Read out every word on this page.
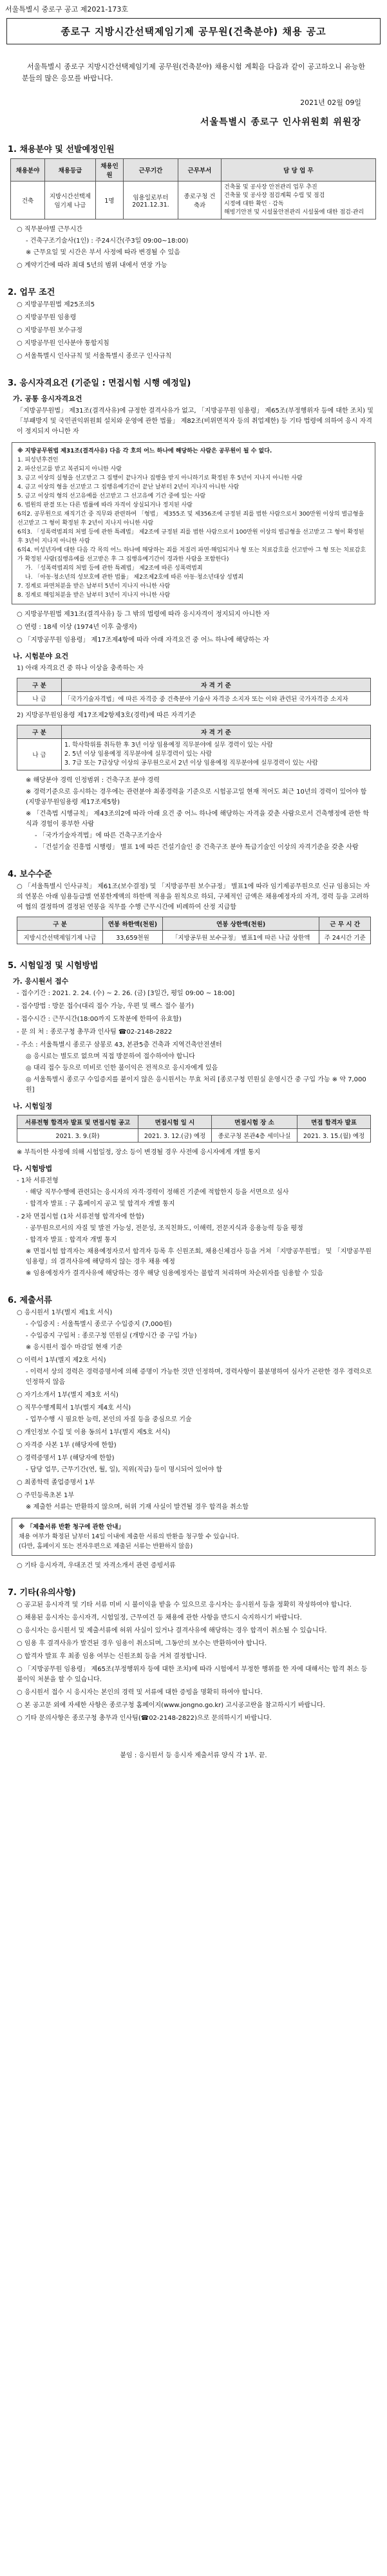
서울특별시 중로구 공고 제2021-173호
종로구 지방시간선택제임기제 공무원(건축분야) 채용 공고
서울특별시 종로구 지방시간선택제임기제 공무원(건축분야) 채용시험 계획을 다음과 같이 공고하오니 유능한 분들의 많은 응모를 바랍니다.
2021년 02월 09일
서울특별시 종로구 인사위원회 위원장
1. 채용분야 및 선발예정인원
채용분야	채용등급	채용인원	근무기간	근무부서	담 당 업 무
건축	지방시간선택제임기제 나급	1명	임용일로부터 2021.12.31.	종로구청 건축과	건축물 및 공사장 안전관리 업무 추진
건축물 및 공사장 점검계획 수립 및 점검
시정에 대한 확인 · 감독
해빙기안전 및 시설물안전관리 시설물에 대한 점검·관리
○ 직무분야별 근무시간
- 건축구조기술사(1인) : 주24시간(주3일 09:00~18:00)
※ 근무요일 및 시간은 부서 사정에 따라 변경될 수 있음
○ 계약기간에 따라 최대 5년의 범위 내에서 연장 가능
2. 업무 조건
○ 지방공무원법 제25조의5
○ 지방공무원 임용령
○ 지방공무원 보수규정
○ 지방공무원 인사분야 통합지침
○ 서울특별시 인사규칙 및 서울특별시 종로구 인사규칙
3. 응시자격요건 (기준일 : 면접시험 시행 예정일)
가. 공통 응시자격요건
「지방공무원법」 제31조(결격사유)에 규정한 결격사유가 없고, 「지방공무원 임용령」 제65조(부정행위자 등에 대한 조치) 및 「부패방지 및 국민권익위원회 설치와 운영에 관한 법률」 제82조(비위면직자 등의 취업제한) 등 기타 법령에 의하여 응시 자격이 정지되지 아니한 자
※ 지방공무원법 제31조(결격사유) 다음 각 호의 어느 하나에 해당하는 사람은 공무원이 될 수 없다.
1. 피성년후견인
2. 파산선고를 받고 복권되지 아니한 사람
3. 금고 이상의 실형을 선고받고 그 집행이 끝나거나 집행을 받지 아니하기로 확정된 후 5년이 지나지 아니한 사람
4. 금고 이상의 형을 선고받고 그 집행유예기간이 끝난 날부터 2년이 지나지 아니한 사람
5. 금고 이상의 형의 선고유예를 선고받고 그 선고유예 기간 중에 있는 사람
6. 법원의 판결 또는 다른 법률에 따라 자격이 상실되거나 정지된 사람
6의2. 공무원으로 재직기간 중 직무와 관련하여 「형법」 제355조 및 제356조에 규정된 죄를 범한 사람으로서 300만원 이상의 벌금형을 선고받고 그 형이 확정된 후 2년이 지나지 아니한 사람
6의3. 「성폭력범죄의 처벌 등에 관한 특례법」 제2조에 규정된 죄를 범한 사람으로서 100만원 이상의 벌금형을 선고받고 그 형이 확정된 후 3년이 지나지 아니한 사람
6의4. 미성년자에 대한 다음 각 목의 어느 하나에 해당하는 죄를 저질러 파면·해임되거나 형 또는 치료감호를 선고받아 그 형 또는 치료감호가 확정된 사람(집행유예를 선고받은 후 그 집행유예기간이 경과한 사람을 포함한다)
가. 「성폭력범죄의 처벌 등에 관한 특례법」 제2조에 따른 성폭력범죄
나. 「아동·청소년의 성보호에 관한 법률」 제2조제2호에 따른 아동·청소년대상 성범죄
7. 징계로 파면처분을 받은 날부터 5년이 지나지 아니한 사람
8. 징계로 해임처분을 받은 날부터 3년이 지나지 아니한 사람
○ 지방공무원법 제31조(결격사유) 등 그 밖의 법령에 따라 응시자격이 정지되지 아니한 자
○ 연령 : 18세 이상 (1974년 이후 출생자)
○ 「지방공무원 임용령」 제17조제4항에 따라 아래 자격요건 중 어느 하나에 해당하는 자
나. 시험분야 요건
1) 아래 자격요건 중 하나 이상을 충족하는 자
구 분	자 격 기 준
나 급	「국가기술자격법」에 따른 자격증 중 건축분야 기술사 자격증 소지자 또는 이와 관련된 국가자격증 소지자
2) 지방공무원임용령 제17조제2항제3호(경력)에 따른 자격기준
구 분	자 격 기 준
나 급	1. 학사학위를 취득한 후 3년 이상 임용예정 직무분야에 실무 경력이 있는 사람
2. 5년 이상 임용예정 직무분야에 실무경력이 있는 사람
3. 7급 또는 7급상당 이상의 공무원으로서 2년 이상 임용예정 직무분야에 실무경력이 있는 사람
※ 해당분야 경력 인정범위 : 건축구조 분야 경력
※ 경력기준으로 응시하는 경우에는 관련분야 최종경력을 기준으로 시험공고일 현재 적어도 최근 10년의 경력이 있어야 함 (지방공무원임용령 제17조제5항)
※ 「건축법 시행규칙」 제43조의2에 따라 아래 요건 중 어느 하나에 해당하는 자격을 갖춘 사람으로서 건축행정에 관한 학식과 경험이 풍부한 사람
- 「국가기술자격법」에 따른 건축구조기술사
- 「건설기술 진흥법 시행령」 별표 1에 따른 건설기술인 중 건축구조 분야 특급기술인 이상의 자격기준을 갖춘 사람
4. 보수수준
○ 「서울특별시 인사규칙」 제61조(보수결정) 및 「지방공무원 보수규정」 별표1에 따라 임기제공무원으로 신규 임용되는 자의 연봉은 아래 임용등급별 연봉한계액의 하한액 적용을 원칙으로 하되, 구체적인 금액은 채용예정자의 자격, 경력 등을 고려하여 협의 결정하며 결정된 연봉을 직무를 수행 근무시간에 비례하여 산정 지급함
구 분	연봉 하한액(천원)	연봉 상한액(천원)	근 무 시 간
지방시간선택제임기제 나급	33,659천원	「지방공무원 보수규정」 별표1에 따른 나급 상한액	주 24시간 기준
5. 시험일정 및 시험방법
가. 응시원서 접수
- 접수기간 : 2021. 2. 24. (수) ~ 2. 26. (금) [3일간, 평일 09:00 ~ 18:00]
- 접수방법 : 방문 접수(대리 접수 가능, 우편 및 팩스 접수 불가)
- 접수시간 : 근무시간(18:00까지 도착분에 한하여 유효함)
- 문 의 처 : 종로구청 총무과 인사팀 ☎02-2148-2822
- 주소 : 서울특별시 종로구 삼봉로 43, 본관5층 건축과 지역건축안전센터
◎ 응시료는 별도로 없으며 직접 방문하여 접수하여야 합니다
◎ 대리 접수 등으로 미비로 인한 불이익은 전적으로 응시자에게 있음
◎ 서울특별시 종로구 수입증지를 붙이지 않은 응시원서는 무효 처리 [종로구청 민원실 운영시간 중 구입 가능 ※ 약 7,000원]
나. 시험일정
서류전형 합격자 발표 및 면접시험 공고	면접시험 일 시	면접시험 장 소	면접 합격자 발표
2021. 3. 9.(화)	2021. 3. 12.(금) 예정	종로구청 본관4층 세미나실	2021. 3. 15.(월) 예정
※ 부득이한 사정에 의해 시험일정, 장소 등이 변경될 경우 사전에 응시자에게 개별 통지
다. 시험방법
- 1차 서류전형
· 해당 직무수행에 관련되는 응시자의 자격·경력이 정해진 기준에 적합한지 등을 서면으로 심사
· 합격자 발표 : 구 홈페이지 공고 및 합격자 개별 통지
- 2차 면접시험 (1차 서류전형 합격자에 한함)
· 공무원으로서의 자질 및 발전 가능성, 전문성, 조직친화도, 이해력, 전문지식과 응용능력 등을 평정
· 합격자 발표 : 합격자 개별 통지
※ 면접시험 합격자는 채용예정자로서 합격자 등록 후 신원조회, 채용신체검사 등을 거쳐 「지방공무원법」 및 「지방공무원 임용령」의 결격사유에 해당하지 않는 경우 채용 예정
※ 임용예정자가 결격사유에 해당하는 경우 해당 임용예정자는 불합격 처리하며 차순위자를 임용할 수 있음
6. 제출서류
○ 응시원서 1부(별지 제1호 서식)
- 수입증지 : 서울특별시 종로구 수입증지 (7,000원)
- 수입증지 구입처 : 종로구청 민원실 (개방시간 중 구입 가능)
※ 응시원서 접수 마감일 현재 기준
○ 이력서 1부(별지 제2호 서식)
- 이력서 상의 경력은 경력증명서에 의해 증명이 가능한 것만 인정하며, 경력사항이 불분명하여 심사가 곤란한 경우 경력으로 인정하지 않음
○ 자기소개서 1부(별지 제3호 서식)
○ 직무수행계획서 1부(별지 제4호 서식)
- 업무수행 시 필요한 능력, 본인의 자질 등을 중심으로 기술
○ 개인정보 수집 및 이용 동의서 1부(별지 제5호 서식)
○ 자격증 사본 1부 (해당자에 한함)
○ 경력증명서 1부 (해당자에 한함)
- 담당 업무, 근무기간(연, 월, 일), 직위(직급) 등이 명시되어 있어야 함
○ 최종학력 졸업증명서 1부
○ 주민등록초본 1부
※ 제출한 서류는 반환하지 않으며, 허위 기재 사실이 발견될 경우 합격을 취소함
※ 「제출서류 반환 청구에 관한 안내」
채용 여부가 확정된 날부터 14일 이내에 제출한 서류의 반환을 청구할 수 있습니다.
(다만, 홈페이지 또는 전자우편으로 제출된 서류는 반환하지 않음)
○ 기타 응시자격, 우대조건 및 자격소개서 관련 증빙서류
7. 기타(유의사항)
○ 공고된 응시자격 및 기타 서류 미비 시 불이익을 받을 수 있으므로 응시자는 응시원서 등을 정확히 작성하여야 합니다.
○ 채용된 응시자는 응시자격, 시험일정, 근무여건 등 채용에 관한 사항을 반드시 숙지하시기 바랍니다.
○ 응시자는 응시원서 및 제출서류에 허위 사실이 있거나 결격사유에 해당하는 경우 합격이 취소될 수 있습니다.
○ 임용 후 결격사유가 발견된 경우 임용이 취소되며, 그동안의 보수는 반환하여야 합니다.
○ 합격자 발표 후 최종 임용 여부는 신원조회 등을 거쳐 결정합니다.
○ 「지방공무원 임용령」 제65조(부정행위자 등에 대한 조치)에 따라 시험에서 부정한 행위를 한 자에 대해서는 합격 취소 등 불이익 처분을 할 수 있습니다.
○ 응시원서 접수 시 응시자는 본인의 경력 및 서류에 대한 증빙을 명확히 하여야 합니다.
○ 본 공고문 외에 자세한 사항은 종로구청 홈페이지(www.jongno.go.kr) 고시공고란을 참고하시기 바랍니다.
○ 기타 문의사항은 종로구청 총무과 인사팀(☎02-2148-2822)으로 문의하시기 바랍니다.
붙임 : 응시원서 등 응시자 제출서류 양식 각 1부. 끝.
